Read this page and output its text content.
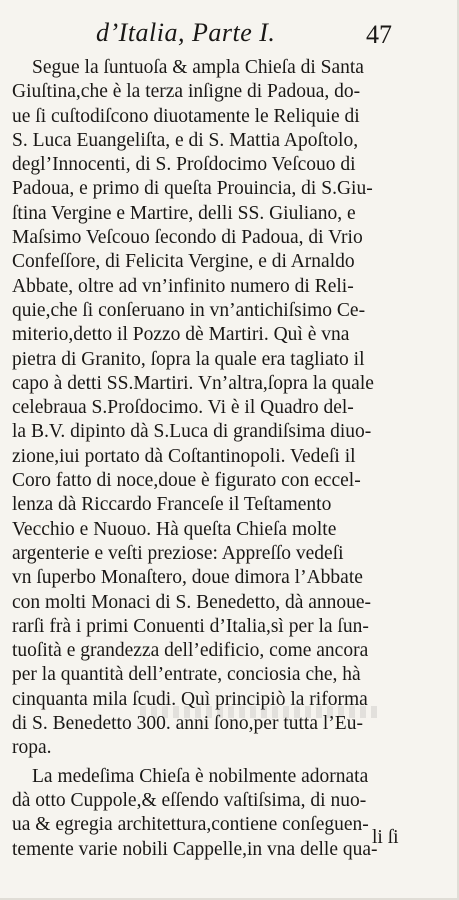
d’Italia, Parte I.	47
Segue la ſuntuoſa & ampla Chieſa di Santa
Giuſtina,che è la terza inſigne di Padoua, do-
ue ſi cuſtodiſcono diuotamente le Reliquie di
S. Luca Euangeliſta, e di S. Mattia Apoſtolo,
degl’Innocenti, di S. Proſdocimo Veſcouo di
Padoua, e primo di queſta Prouincia, di S.Giu-
ſtina Vergine e Martire, delli SS. Giuliano, e
Maſsimo Veſcouo ſecondo di Padoua, di Vrio
Confeſſore, di Felicita Vergine, e di Arnaldo
Abbate, oltre ad vn’infinito numero di Reli-
quie,che ſi conſeruano in vn’antichiſsimo Ce-
miterio,detto il Pozzo dè Martiri. Quì è vna
pietra di Granito, ſopra la quale era tagliato il
capo à detti SS.Martiri. Vn’altra,ſopra la quale
celebraua S.Proſdocimo. Vi è il Quadro del-
la B.V. dipinto dà S.Luca di grandiſsima diuo-
zione,iui portato dà Coſtantinopoli. Vedeſi il
Coro fatto di noce,doue è figurato con eccel-
lenza dà Riccardo Franceſe il Teſtamento
Vecchio e Nuouo. Hà queſta Chieſa molte
argenterie e veſti preziose: Appreſſo vedeſi
vn ſuperbo Monaſtero, doue dimora l’Abbate
con molti Monaci di S. Benedetto, dà annoue-
rarſi frà i primi Conuenti d’Italia,sì per la ſun-
tuoſità e grandezza dell’edificio, come ancora
per la quantità dell’entrate, conciosia che, hà
cinquanta mila ſcudi. Quì principiò la riforma
di S. Benedetto 300. anni ſono,per tutta l’Eu-
ropa.
La medeſima Chieſa è nobilmente adornata
dà otto Cuppole,& eſſendo vaſtiſsima, di nuo-
ua & egregia architettura,contiene conſeguen-
temente varie nobili Cappelle,in vna delle qua-
li ſi
